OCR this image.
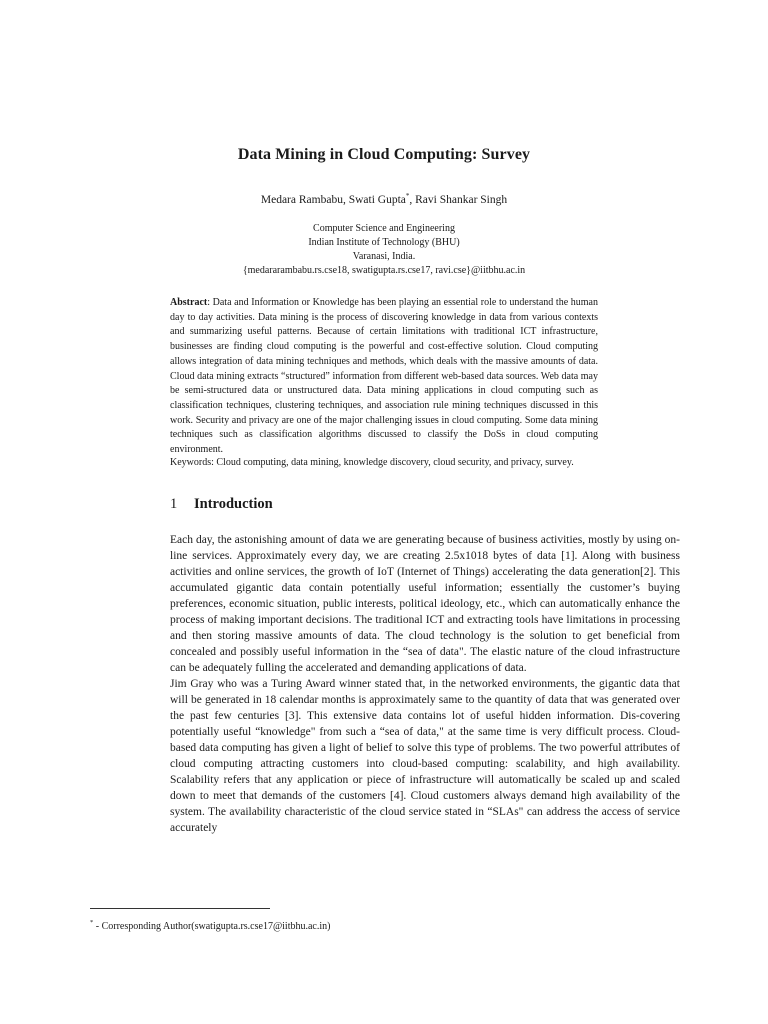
Data Mining in Cloud Computing: Survey
Medara Rambabu, Swati Gupta*, Ravi Shankar Singh
Computer Science and Engineering
Indian Institute of Technology (BHU)
Varanasi, India.
{medararambabu.rs.cse18, swatigupta.rs.cse17, ravi.cse}@iitbhu.ac.in
Abstract: Data and Information or Knowledge has been playing an essential role to understand the human day to day activities. Data mining is the process of discovering knowledge in data from various contexts and summarizing useful patterns. Because of certain limitations with traditional ICT infrastructure, businesses are finding cloud computing is the powerful and cost-effective solution. Cloud computing allows integration of data mining techniques and methods, which deals with the massive amounts of data. Cloud data mining extracts “structured” information from different web-based data sources. Web data may be semi-structured data or unstructured data. Data mining applications in cloud computing such as classification techniques, clustering techniques, and association rule mining techniques discussed in this work. Security and privacy are one of the major challenging issues in cloud computing. Some data mining techniques such as classification algorithms discussed to classify the DoSs in cloud computing environment.
Keywords: Cloud computing, data mining, knowledge discovery, cloud security, and privacy, survey.
1 Introduction

Each day, the astonishing amount of data we are generating because of business activities, mostly by using on-line services. Approximately every day, we are creating 2.5x1018 bytes of data [1]. Along with business activities and online services, the growth of IoT (Internet of Things) accelerating the data generation[2]. This accumulated gigantic data contain potentially useful information; essentially the customer’s buying preferences, economic situation, public interests, political ideology, etc., which can automatically enhance the process of making important decisions. The traditional ICT and extracting tools have limitations in processing and then storing massive amounts of data. The cloud technology is the solution to get beneficial from concealed and possibly useful information in the “sea of data". The elastic nature of the cloud infrastructure can be adequately fulling the accelerated and demanding applications of data.

Jim Gray who was a Turing Award winner stated that, in the networked environments, the gigantic data that will be generated in 18 calendar months is approximately same to the quantity of data that was generated over the past few centuries [3]. This extensive data contains lot of useful hidden information. Dis-covering potentially useful “knowledge" from such a “sea of data," at the same time is very difficult process. Cloud-based data computing has given a light of belief to solve this type of problems. The two powerful attributes of cloud computing attracting customers into cloud-based computing: scalability, and high availability. Scalability refers that any application or piece of infrastructure will automatically be scaled up and scaled down to meet that demands of the customers [4]. Cloud customers always demand high availability of the system. The availability characteristic of the cloud service stated in “SLAs" can address the access of service accurately

* - Corresponding Author(swatigupta.rs.cse17@iitbhu.ac.in)
